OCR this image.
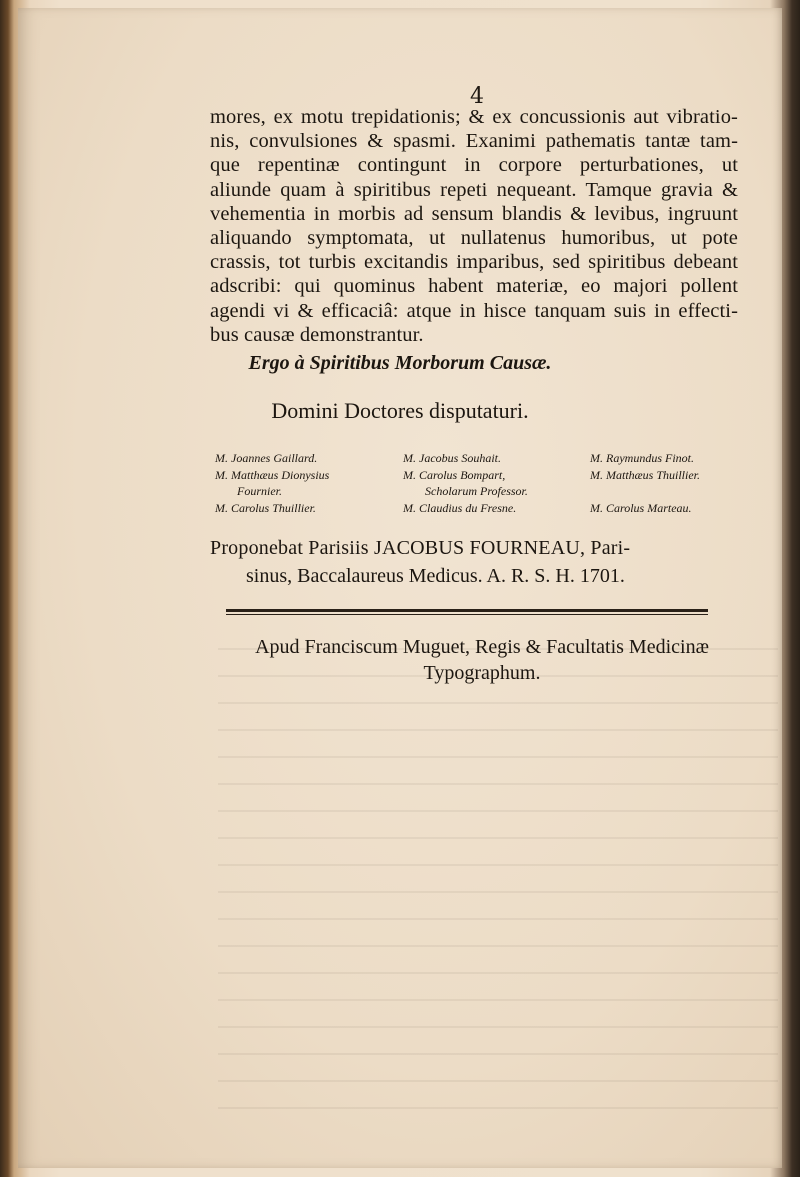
4
mores, ex motu trepidationis; & ex concussionis aut vibratio-
nis, convulsiones & spasmi. Exanimi pathematis tantæ tam-
que repentinæ contingunt in corpore perturbationes, ut
aliunde quam à spiritibus repeti nequeant. Tamque gravia &
vehementia in morbis ad sensum blandis & levibus, ingruunt
aliquando symptomata, ut nullatenus humoribus, ut pote
crassis, tot turbis excitandis imparibus, sed spiritibus debeant
adscribi: qui quominus habent materiæ, eo majori pollent
agendi vi & efficaciâ: atque in hisce tanquam suis in effecti-
bus causæ demonstrantur.
Ergo à Spiritibus Morborum Causæ.
Domini Doctores disputaturi.
M. Joannes Gaillard.
M. Matthæus Dionysius
Fournier.
M. Carolus Thuillier.
M. Jacobus Souhait.
M. Carolus Bompart,
Scholarum Professor.
M. Claudius du Fresne.
M. Raymundus Finot.
M. Matthæus Thuillier.

M. Carolus Marteau.
Proponebat Parisiis JACOBUS FOURNEAU, Pari-
sinus, Baccalaureus Medicus. A. R. S. H. 1701.
Apud Franciscum Muguet, Regis & Facultatis Medicinæ
Typographum.
